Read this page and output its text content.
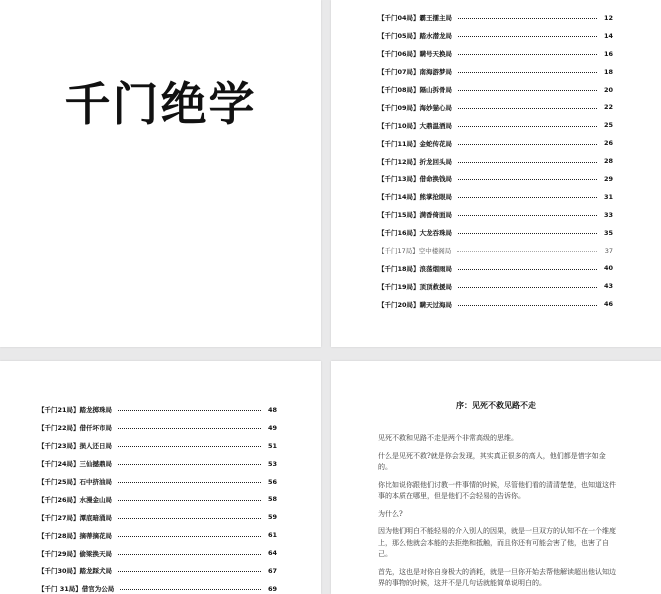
千门绝学
【千门04局】霸王擂主局	12
【千门05局】踏水潜龙局	14
【千门06局】瞒号天换局	16
【千门07局】南海游梦局	18
【千门08局】隔山拆骨局	20
【千门09局】海妙猫心局	22
【千门10局】大鼎温酒局	25
【千门11局】金蛇传花局	26
【千门12局】折龙回头局	28
【千门13局】借命换钱局	29
【千门14局】熊掌抢眼局	31
【千门15局】满香倚面局	33
【千门16局】大龙吞珠局	35
【千门17局】空中楼阁局	37
【千门18局】浪荡烟雨局	40
【千门19局】顶顶救援局	43
【千门20局】瞒天过海局	46
【千门21局】踏龙掷珠局	48
【千门22局】借仟坏市局	49
【千门23局】损人还日局	51
【千门24局】三仙撼鼎局	53
【千门25局】石中挤油局	56
【千门26局】水漫金山局	58
【千门27局】潭底暗涌局	59
【千门28局】摘蒂摘花局	61
【千门29局】偷梁换天局	64
【千门30局】踏龙踩犬局	67
【千门 31局】借官为公局	69
序：见死不救见路不走

见死不救和见路不走是两个非常高级的思维。

什么是见死不救?就是你会发现，其实真正很多的高人，他们都是惜字如金的。

你比如说你跟他们讨教一件事情的时候，尽管他们看的清清楚楚，也知道这件事的本质在哪里，但是他们不会轻易的告诉你。

为什么?

因为他们明白不能轻易的介入别人的因果，就是一旦双方的认知不在一个维度上，那么他就会本能的去拒绝和抵触，而且你还有可能会害了他，也害了自己。

首先，这也是对你自身极大的消耗，就是一旦你开始去帮他解读超出他认知边界的事物的时候，这并不是几句话就能简单说明白的。
